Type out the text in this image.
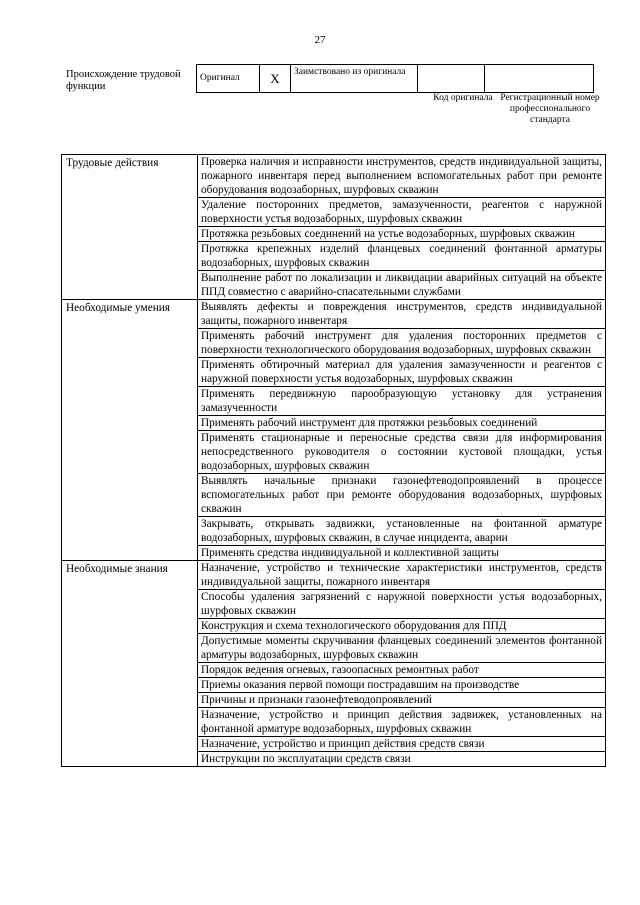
27
Происхождение трудовой функции
Оригинал	X	Заимствовано из оригинала		
Код оригинала Регистрационный номер профессионального стандарта
Трудовые действия	Проверка наличия и исправности инструментов, средств индивидуальной защиты, пожарного инвентаря перед выполнением вспомогательных работ при ремонте оборудования водозаборных, шурфовых скважин
	Удаление посторонних предметов, замазученности, реагентов с наружной поверхности устья водозаборных, шурфовых скважин
	Протяжка резьбовых соединений на устье водозаборных, шурфовых скважин
	Протяжка крепежных изделий фланцевых соединений фонтанной арматуры водозаборных, шурфовых скважин
	Выполнение работ по локализации и ликвидации аварийных ситуаций на объекте ППД совместно с аварийно-спасательными службами
Необходимые умения	Выявлять дефекты и повреждения инструментов, средств индивидуальной защиты, пожарного инвентаря
	Применять рабочий инструмент для удаления посторонних предметов с поверхности технологического оборудования водозаборных, шурфовых скважин
	Применять обтирочный материал для удаления замазученности и реагентов с наружной поверхности устья водозаборных, шурфовых скважин
	Применять передвижную парообразующую установку для устранения замазученности
	Применять рабочий инструмент для протяжки резьбовых соединений
	Применять стационарные и переносные средства связи для информирования непосредственного руководителя о состоянии кустовой площадки, устья водозаборных, шурфовых скважин
	Выявлять начальные признаки газонефтеводопроявлений в процессе вспомогательных работ при ремонте оборудования водозаборных, шурфовых скважин
	Закрывать, открывать задвижки, установленные на фонтанной арматуре водозаборных, шурфовых скважин, в случае инцидента, аварии
	Применять средства индивидуальной и коллективной защиты
Необходимые знания	Назначение, устройство и технические характеристики инструментов, средств индивидуальной защиты, пожарного инвентаря
	Способы удаления загрязнений с наружной поверхности устья водозаборных, шурфовых скважин
	Конструкция и схема технологического оборудования для ППД
	Допустимые моменты скручивания фланцевых соединений элементов фонтанной арматуры водозаборных, шурфовых скважин
	Порядок ведения огневых, газоопасных ремонтных работ
	Приемы оказания первой помощи пострадавшим на производстве
	Причины и признаки газонефтеводопроявлений
	Назначение, устройство и принцип действия задвижек, установленных на фонтанной арматуре водозаборных, шурфовых скважин
	Назначение, устройство и принцип действия средств связи
	Инструкции по эксплуатации средств связи
